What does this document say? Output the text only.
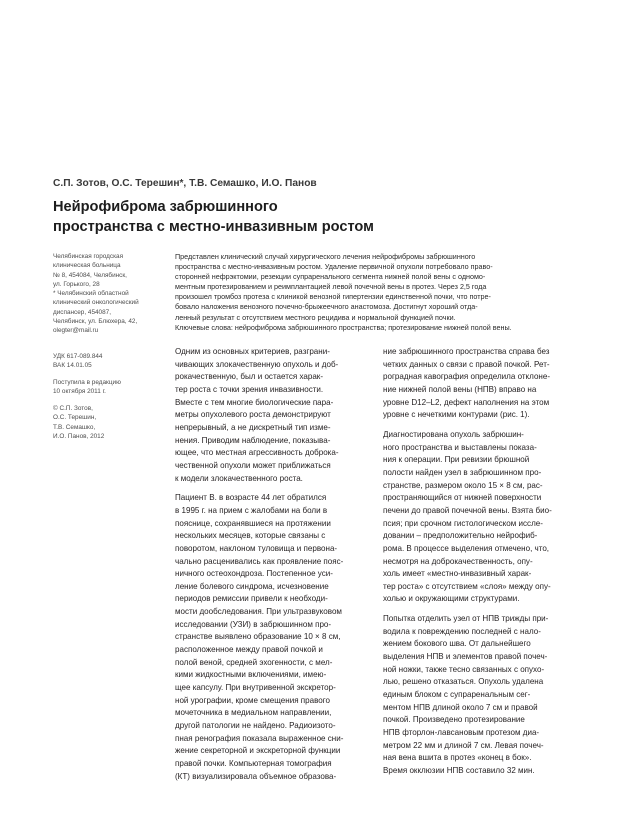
С.П. Зотов, О.С. Терешин*, Т.В. Семашко, И.О. Панов
Нейрофиброма забрюшинного
пространства с местно-инвазивным ростом
Челябинская городская
клиническая больница
№ 8, 454084, Челябинск,
ул. Горького, 28
* Челябинский областной
клинический онкологический
диспансер, 454087,
Челябинск, ул. Блюхера, 42,
olegter@mail.ru
УДК 617-089.844
ВАК 14.01.05
Поступила в редакцию
10 октября 2011 г.
© С.П. Зотов,
О.С. Терешин,
Т.В. Семашко,
И.О. Панов, 2012
Представлен клинический случай хирургического лечения нейрофибромы забрюшинного
пространства с местно-инвазивным ростом. Удаление первичной опухоли потребовало право-
сторонней нефрэктомии, резекции супраренального сегмента нижней полой вены с одномо-
ментным протезированием и реимплантацией левой почечной вены в протез. Через 2,5 года
произошел тромбоз протеза с клиникой венозной гипертензии единственной почки, что потре-
бовало наложения венозного почечно-брыжеечного анастомоза. Достигнут хороший отда-
ленный результат с отсутствием местного рецидива и нормальной функцией почки.
Ключевые слова: нейрофиброма забрюшинного пространства; протезирование нижней полой вены.
Одним из основных критериев, разграни-
чивающих злокачественную опухоль и доб-
рокачественную, был и остается харак-
тер роста с точки зрения инвазивности.
Вместе с тем многие биологические пара-
метры опухолевого роста демонстрируют
непрерывный, а не дискретный тип изме-
нения. Приводим наблюдение, показыва-
ющее, что местная агрессивность доброка-
чественной опухоли может приближаться
к модели злокачественного роста.
Пациент В. в возрасте 44 лет обратился
в 1995 г. на прием с жалобами на боли в
пояснице, сохранявшиеся на протяжении
нескольких месяцев, которые связаны с
поворотом, наклоном туловища и первона-
чально расценивались как проявление пояс-
ничного остеохондроза. Постепенное уси-
ление болевого синдрома, исчезновение
периодов ремиссии привели к необходи-
мости дообследования. При ультразвуковом
исследовании (УЗИ) в забрюшинном про-
странстве выявлено образование 10 × 8 см,
расположенное между правой почкой и
полой веной, средней эхогенности, с мел-
кими жидкостными включениями, имею-
щее капсулу. При внутривенной экскретор-
ной урографии, кроме смещения правого
мочеточника в медиальном направлении,
другой патологии не найдено. Радиоизото-
пная ренография показала выраженное сни-
жение секреторной и экскреторной функции
правой почки. Компьютерная томография
(КТ) визуализировала объемное образова-
ние забрюшинного пространства справа без
четких данных о связи с правой почкой. Рет-
роградная кавография определила отклоне-
ние нижней полой вены (НПВ) вправо на
уровне D12–L2, дефект наполнения на этом
уровне с нечеткими контурами (рис. 1).
Диагностирована опухоль забрюшин-
ного пространства и выставлены показа-
ния к операции. При ревизии брюшной
полости найден узел в забрюшинном про-
странстве, размером около 15 × 8 см, рас-
пространяющийся от нижней поверхности
печени до правой почечной вены. Взята био-
псия; при срочном гистологическом иссле-
довании – предположительно нейрофиб-
рома. В процессе выделения отмечено, что,
несмотря на доброкачественность, опу-
холь имеет «местно-инвазивный харак-
тер роста» с отсутствием «слоя» между опу-
холью и окружающими структурами.
Попытка отделить узел от НПВ трижды при-
водила к повреждению последней с нало-
жением бокового шва. От дальнейшего
выделения НПВ и элементов правой почеч-
ной ножки, также тесно связанных с опухо-
лью, решено отказаться. Опухоль удалена
единым блоком с супраренальным сег-
ментом НПВ длиной около 7 см и правой
почкой. Произведено протезирование
НПВ фторлон-лавсановым протезом диа-
метром 22 мм и длиной 7 см. Левая почеч-
ная вена вшита в протез «конец в бок».
Время окклюзии НПВ составило 32 мин.
